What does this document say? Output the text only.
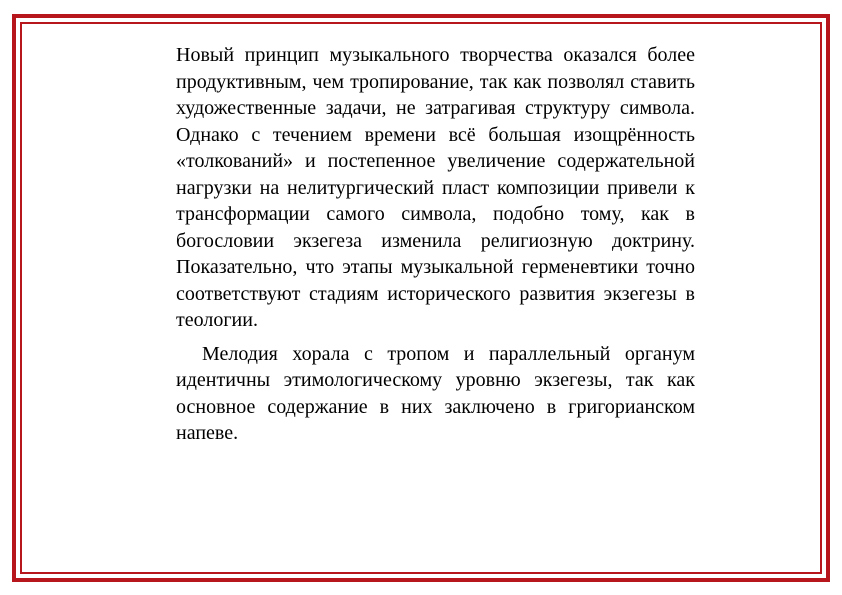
Новый принцип музыкального творчества оказался более продуктивным, чем тропирование, так как позволял ставить художественные задачи, не затрагивая структуру символа. Однако с течением времени всё большая изощрённость «толкований» и постепенное увеличение содержательной нагрузки на нелитургический пласт композиции привели к трансформации самого символа, подобно тому, как в богословии экзегеза изменила религиозную доктрину. Показательно, что этапы музыкальной герменевтики точно соответствуют стадиям исторического развития экзегезы в теологии.

Мелодия хорала с тропом и параллельный органум идентичны этимологическому уровню экзегезы, так как основное содержание в них заключено в григорианском напеве.
